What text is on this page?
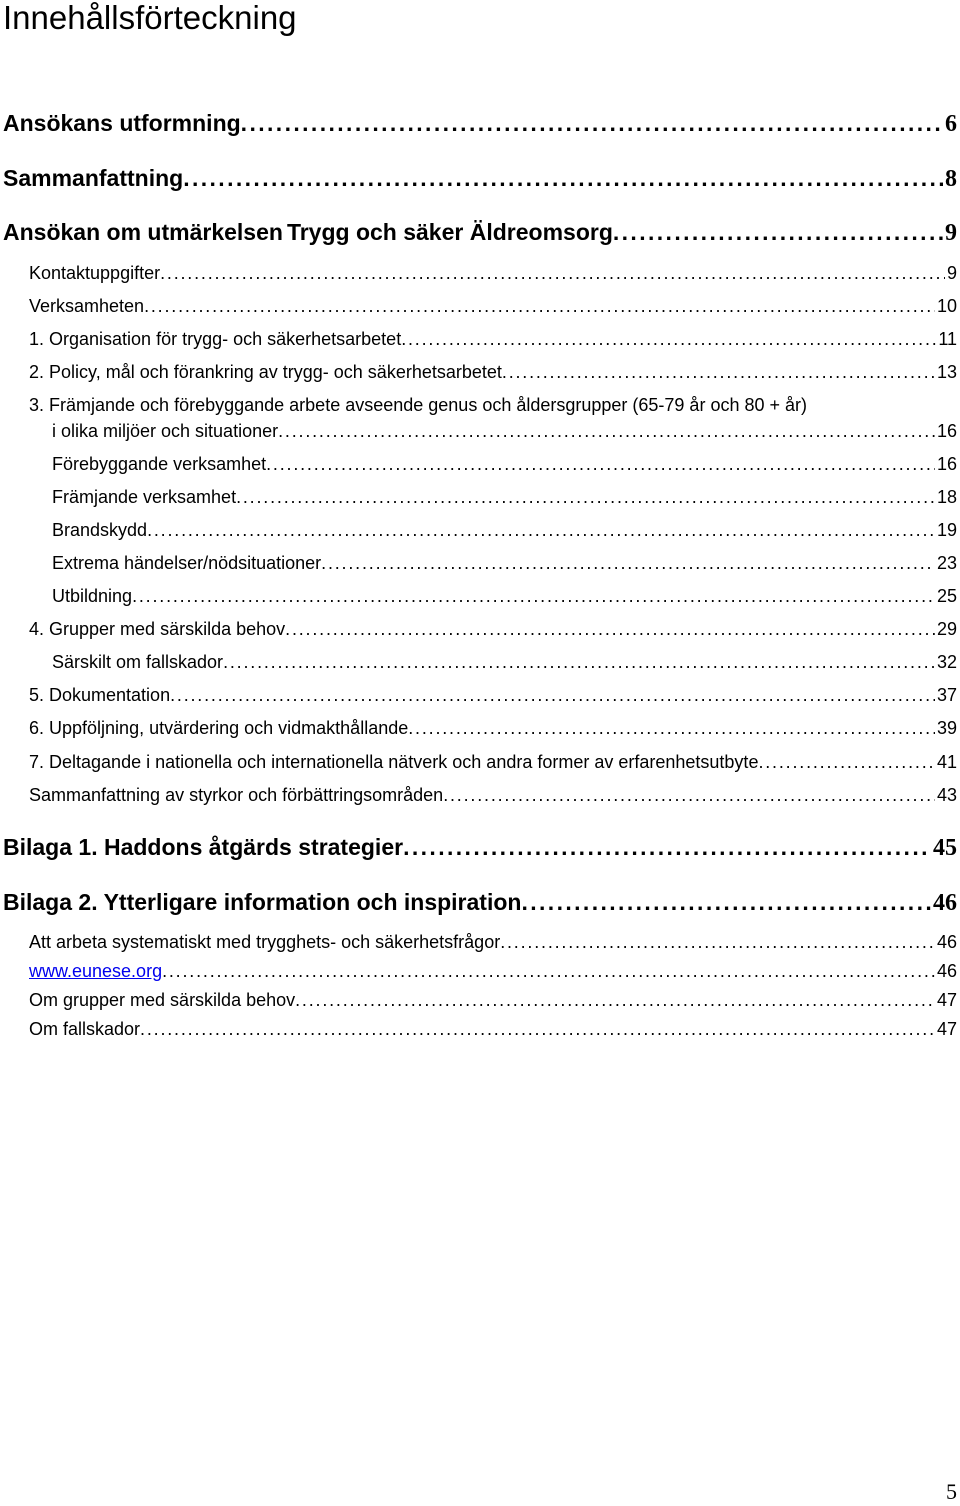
Innehållsförteckning
Ansökans utformning . . .	6
Sammanfattning . . .	8
Ansökan om utmärkelsen Trygg och säker Äldreomsorg . . .	9
Kontaktuppgifter . . .	9
Verksamheten . . .	10
1. Organisation för trygg- och säkerhetsarbetet . . .	11
2. Policy, mål och förankring av trygg- och säkerhetsarbetet . . .	13
3. Främjande och förebyggande arbete avseende genus och åldersgrupper (65-79 år och 80 + år)
i olika miljöer och situationer . . .	16
Förebyggande verksamhet . . .	16
Främjande verksamhet . . .	18
Brandskydd . . .	19
Extrema händelser/nödsituationer . . .	23
Utbildning . . .	25
4. Grupper med särskilda behov . . .	29
Särskilt om fallskador . . .	32
5. Dokumentation . . .	37
6. Uppföljning, utvärdering och vidmakthållande . . .	39
7. Deltagande i nationella och internationella nätverk och andra former av erfarenhetsutbyte . . .	41
Sammanfattning av styrkor och förbättringsområden . . .	43
Bilaga 1. Haddons åtgärds strategier . . .	45
Bilaga 2. Ytterligare information och inspiration . . .	46
Att arbeta systematiskt med trygghets- och säkerhetsfrågor . . .	46
www.eunese.org . . .	46
Om grupper med särskilda behov . . .	47
Om fallskador . . .	47
5
